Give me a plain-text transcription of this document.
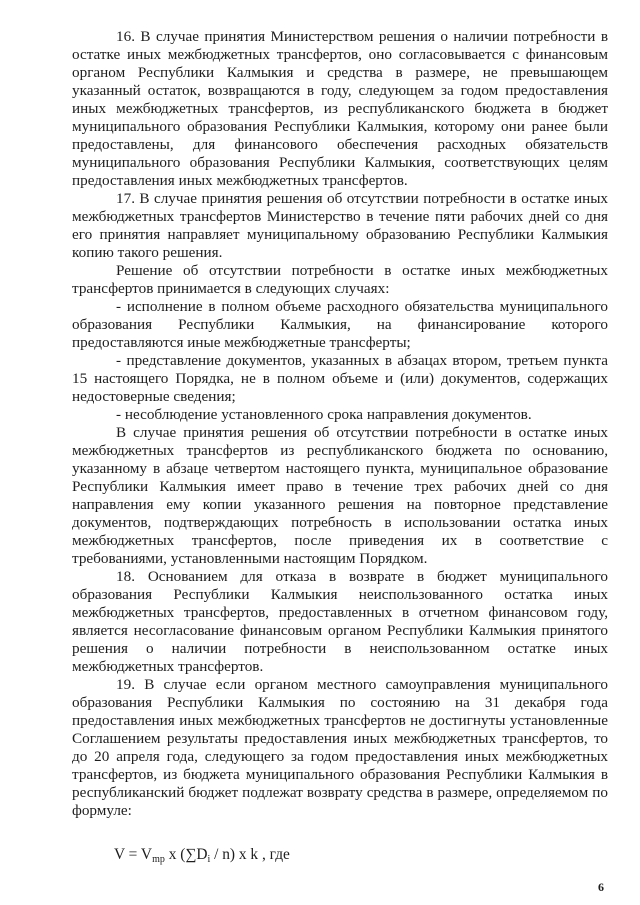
16. В случае принятия Министерством решения о наличии потребности в остатке иных межбюджетных трансфертов, оно согласовывается с финансовым органом Республики Калмыкия и средства в размере, не превышающем указанный остаток, возвращаются в году, следующем за годом предоставления иных межбюджетных трансфертов, из республиканского бюджета в бюджет муниципального образования Республики Калмыкия, которому они ранее были предоставлены, для финансового обеспечения расходных обязательств муниципального образования Республики Калмыкия, соответствующих целям предоставления иных межбюджетных трансфертов.

17. В случае принятия решения об отсутствии потребности в остатке иных межбюджетных трансфертов Министерство в течение пяти рабочих дней со дня его принятия направляет муниципальному образованию Республики Калмыкия копию такого решения.

Решение об отсутствии потребности в остатке иных межбюджетных трансфертов принимается в следующих случаях:

- исполнение в полном объеме расходного обязательства муниципального образования Республики Калмыкия, на финансирование которого предоставляются иные межбюджетные трансферты;

- представление документов, указанных в абзацах втором, третьем пункта 15 настоящего Порядка, не в полном объеме и (или) документов, содержащих недостоверные сведения;

- несоблюдение установленного срока направления документов.

В случае принятия решения об отсутствии потребности в остатке иных межбюджетных трансфертов из республиканского бюджета по основанию, указанному в абзаце четвертом настоящего пункта, муниципальное образование Республики Калмыкия имеет право в течение трех рабочих дней со дня направления ему копии указанного решения на повторное представление документов, подтверждающих потребность в использовании остатка иных межбюджетных трансфертов, после приведения их в соответствие с требованиями, установленными настоящим Порядком.

18. Основанием для отказа в возврате в бюджет муниципального образования Республики Калмыкия неиспользованного остатка иных межбюджетных трансфертов, предоставленных в отчетном финансовом году, является несогласование финансовым органом Республики Калмыкия принятого решения о наличии потребности в неиспользованном остатке иных межбюджетных трансфертов.

19. В случае если органом местного самоуправления муниципального образования Республики Калмыкия по состоянию на 31 декабря года предоставления иных межбюджетных трансфертов не достигнуты установленные Соглашением результаты предоставления иных межбюджетных трансфертов, то до 20 апреля года, следующего за годом предоставления иных межбюджетных трансфертов, из бюджета муниципального образования Республики Калмыкия в республиканский бюджет подлежат возврату средства в размере, определяемом по формуле:

$V = V_{mp}$ x $(\sum D_i / n)$ x k , где
6
